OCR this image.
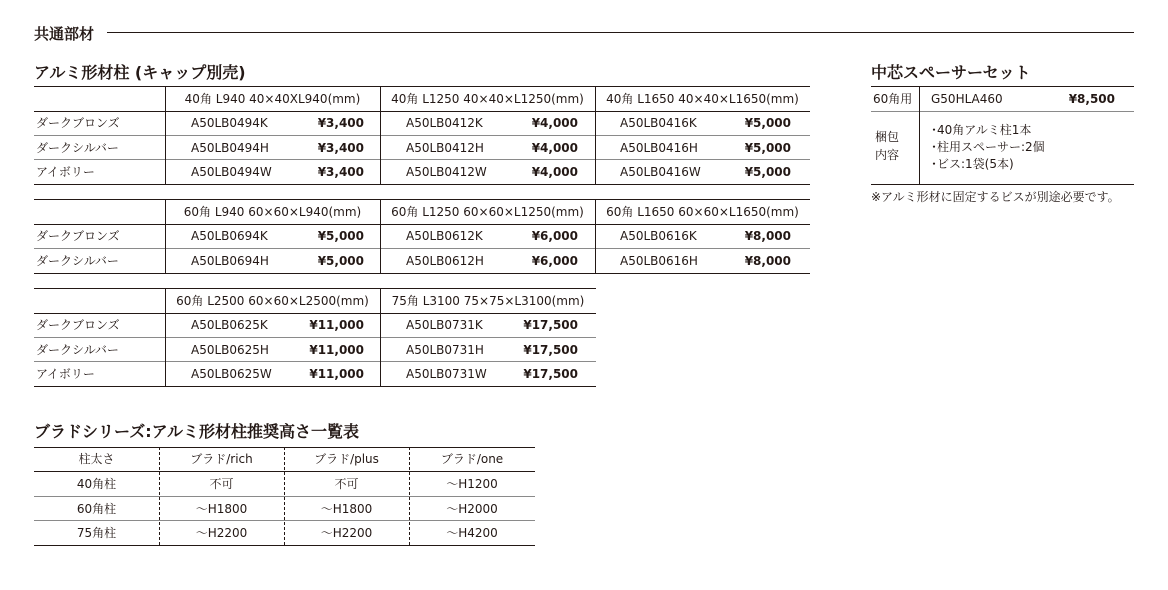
共通部材
アルミ形材柱 (キャップ別売)
40角 L940 40×40XL940(mm)	40角 L1250 40×40×L1250(mm)	40角 L1650 40×40×L1650(mm)
ダークブロンズ	A50LB0494K	¥3,400	A50LB0412K	¥4,000	A50LB0416K	¥5,000
ダークシルバー	A50LB0494H	¥3,400	A50LB0412H	¥4,000	A50LB0416H	¥5,000
アイボリー	A50LB0494W	¥3,400	A50LB0412W	¥4,000	A50LB0416W	¥5,000
60角 L940 60×60×L940(mm)	60角 L1250 60×60×L1250(mm)	60角 L1650 60×60×L1650(mm)
ダークブロンズ	A50LB0694K	¥5,000	A50LB0612K	¥6,000	A50LB0616K	¥8,000
ダークシルバー	A50LB0694H	¥5,000	A50LB0612H	¥6,000	A50LB0616H	¥8,000
60角 L2500 60×60×L2500(mm)	75角 L3100 75×75×L3100(mm)
ダークブロンズ	A50LB0625K	¥11,000	A50LB0731K	¥17,500
ダークシルバー	A50LB0625H	¥11,000	A50LB0731H	¥17,500
アイボリー	A50LB0625W	¥11,000	A50LB0731W	¥17,500
中芯スペーサーセット
60角用 G50HLA460	¥8,500
梱包
内容
･40角アルミ柱1本
･柱用スペーサー:2個
･ビス:1袋(5本)
※アルミ形材に固定するビスが別途必要です。
ブラドシリーズ:アルミ形材柱推奨高さ一覧表
柱太さ	ブラド/rich	ブラド/plus	ブラド/one
40角柱	不可	不可	～H1200
60角柱	～H1800	～H1800	～H2000
75角柱	～H2200	～H2200	～H4200
